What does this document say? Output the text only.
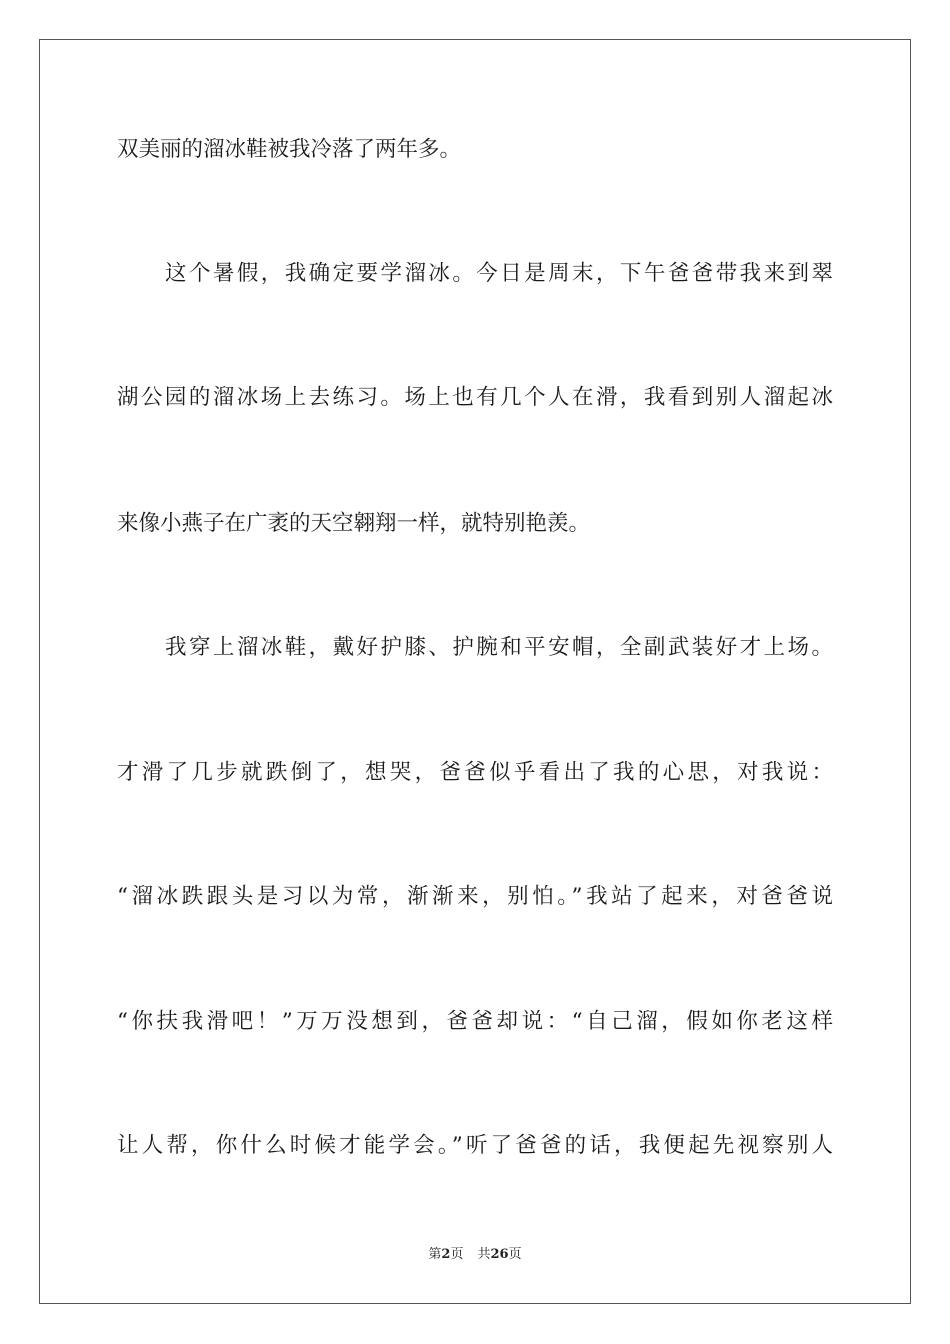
双美丽的溜冰鞋被我冷落了两年多。
这个暑假，我确定要学溜冰。今日是周末，下午爸爸带我来到翠
湖公园的溜冰场上去练习。场上也有几个人在滑，我看到别人溜起冰
来像小燕子在广袤的天空翱翔一样，就特别艳羡。
我穿上溜冰鞋，戴好护膝、护腕和平安帽，全副武装好才上场。
才滑了几步就跌倒了，想哭，爸爸似乎看出了我的心思，对我说：
“溜冰跌跟头是习以为常，渐渐来，别怕。”我站了起来，对爸爸说
“你扶我滑吧！”万万没想到，爸爸却说：“自己溜，假如你老这样
让人帮，你什么时候才能学会。”听了爸爸的话，我便起先视察别人
第2页 共26页
